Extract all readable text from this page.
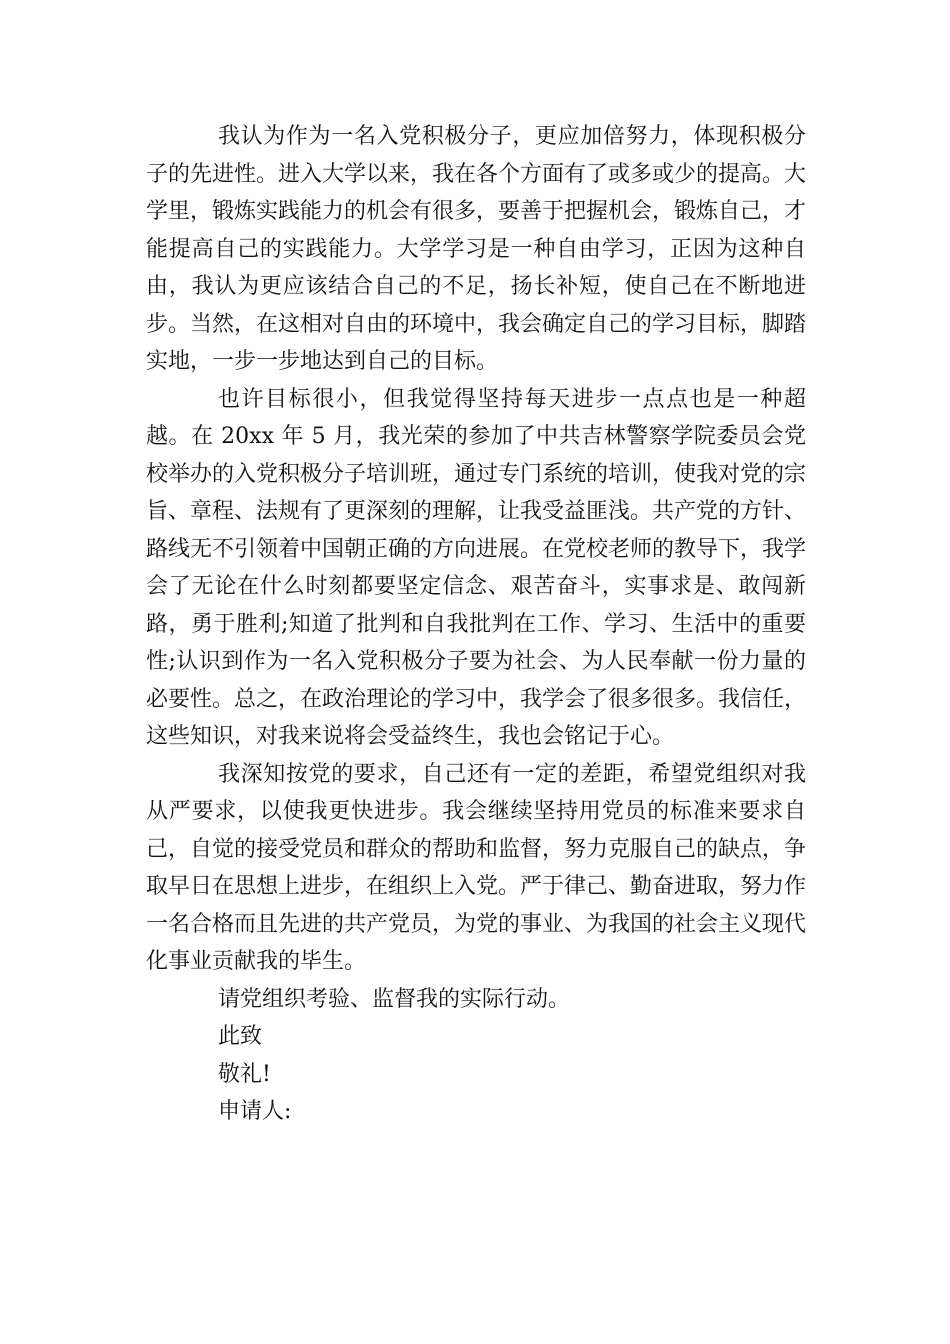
我认为作为一名入党积极分子，更应加倍努力，体现积极分子的先进性。进入大学以来，我在各个方面有了或多或少的提高。大学里，锻炼实践能力的机会有很多，要善于把握机会，锻炼自己，才能提高自己的实践能力。大学学习是一种自由学习，正因为这种自由，我认为更应该结合自己的不足，扬长补短，使自己在不断地进步。当然，在这相对自由的环境中，我会确定自己的学习目标，脚踏实地，一步一步地达到自己的目标。

也许目标很小，但我觉得坚持每天进步一点点也是一种超越。在 20xx 年 5 月，我光荣的参加了中共吉林警察学院委员会党校举办的入党积极分子培训班，通过专门系统的培训，使我对党的宗旨、章程、法规有了更深刻的理解，让我受益匪浅。共产党的方针、路线无不引领着中国朝正确的方向进展。在党校老师的教导下，我学会了无论在什么时刻都要坚定信念、艰苦奋斗，实事求是、敢闯新路，勇于胜利;知道了批判和自我批判在工作、学习、生活中的重要性;认识到作为一名入党积极分子要为社会、为人民奉献一份力量的必要性。总之，在政治理论的学习中，我学会了很多很多。我信任，这些知识，对我来说将会受益终生，我也会铭记于心。

我深知按党的要求，自己还有一定的差距，希望党组织对我从严要求，以使我更快进步。我会继续坚持用党员的标准来要求自己，自觉的接受党员和群众的帮助和监督，努力克服自己的缺点，争取早日在思想上进步，在组织上入党。严于律己、勤奋进取，努力作一名合格而且先进的共产党员，为党的事业、为我国的社会主义现代化事业贡献我的毕生。

请党组织考验、监督我的实际行动。

此致

敬礼!

申请人:
